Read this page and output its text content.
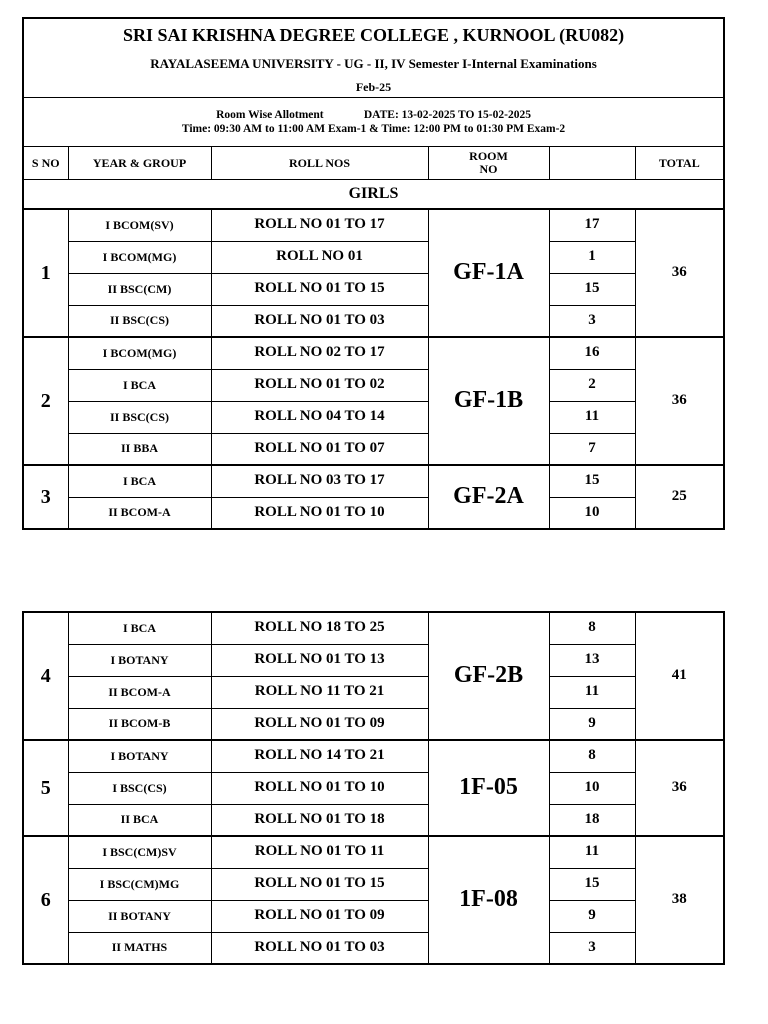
SRI SAI KRISHNA DEGREE COLLEGE , KURNOOL (RU082)					
RAYALASEEMA UNIVERSITY - UG - II, IV Semester I-Internal Examinations					
Feb-25					

Room Wise Allotment DATE: 13-02-2025 TO 15-02-2025
Time: 09:30 AM to 11:00 AM Exam-1 & Time: 12:00 PM to 01:30 PM Exam-2					

S NO	YEAR & GROUP	ROLL NOS	ROOM
NO		TOTAL
GIRLS					
1	I BCOM(SV)	ROLL NO 01 TO 17	GF-1A	17	36
	I BCOM(MG)	ROLL NO 01		1	
	II BSC(CM)	ROLL NO 01 TO 15		15	
	II BSC(CS)	ROLL NO 01 TO 03		3	
2	I BCOM(MG)	ROLL NO 02 TO 17	GF-1B	16	36
	I BCA	ROLL NO 01 TO 02		2	
	II BSC(CS)	ROLL NO 04 TO 14		11	
	II BBA	ROLL NO 01 TO 07		7	
3	I BCA	ROLL NO 03 TO 17	GF-2A	15	25
	II BCOM-A	ROLL NO 01 TO 10		10	
4	I BCA	ROLL NO 18 TO 25	GF-2B	8	41
	I BOTANY	ROLL NO 01 TO 13		13	
	II BCOM-A	ROLL NO 11 TO 21		11	
	II BCOM-B	ROLL NO 01 TO 09		9	
5	I BOTANY	ROLL NO 14 TO 21	1F-05	8	36
	I BSC(CS)	ROLL NO 01 TO 10		10	
	II BCA	ROLL NO 01 TO 18		18	
6	I BSC(CM)SV	ROLL NO 01 TO 11	1F-08	11	38
	I BSC(CM)MG	ROLL NO 01 TO 15		15	
	II BOTANY	ROLL NO 01 TO 09		9	
	II MATHS	ROLL NO 01 TO 03		3	
